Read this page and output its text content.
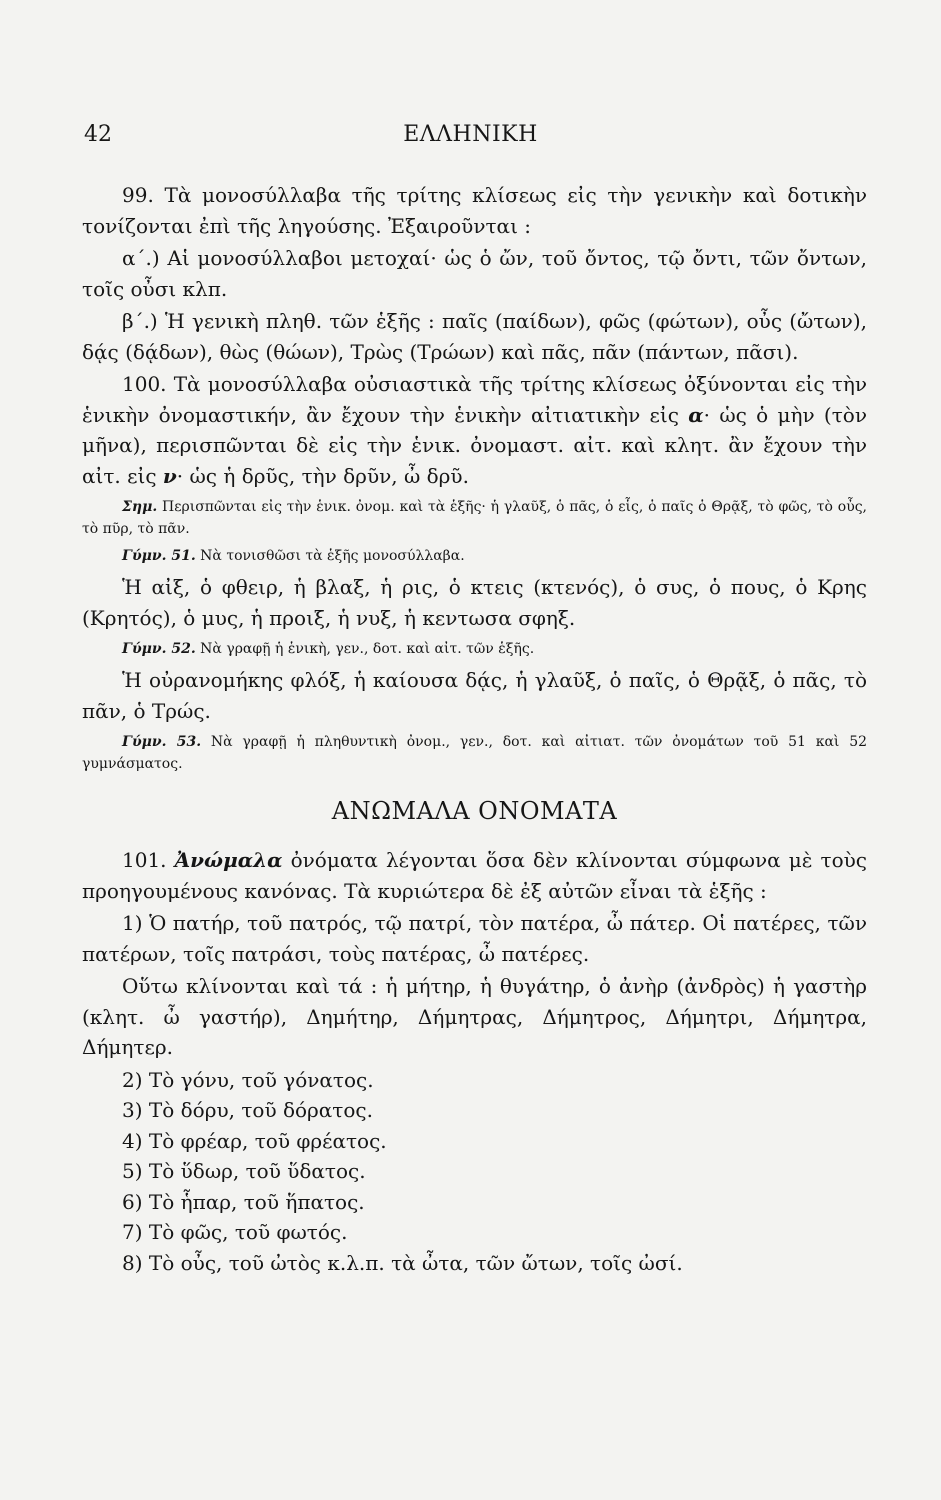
42	ΕΛΛΗΝΙΚΗ

99. Τὰ μονοσύλλαβα τῆς τρίτης κλίσεως εἰς τὴν γενικὴν καὶ δοτικὴν τονίζονται ἐπὶ τῆς ληγούσης. Ἐξαιροῦνται :

α΄.) Αἱ μονοσύλλαβοι μετοχαί· ὡς ὁ ὤν, τοῦ ὄντος, τῷ ὄντι, τῶν ὄντων, τοῖς οὖσι κλπ.

β΄.) Ἡ γενικὴ πληθ. τῶν ἑξῆς : παῖς (παίδων), φῶς (φώτων), οὖς (ὤτων), δᾴς (δᾴδων), θὼς (θώων), Τρὼς (Τρώων) καὶ πᾶς, πᾶν (πάντων, πᾶσι).

100. Τὰ μονοσύλλαβα οὐσιαστικὰ τῆς τρίτης κλίσεως ὀξύνονται εἰς τὴν ἑνικὴν ὀνομαστικήν, ἂν ἔχουν τὴν ἑνικὴν αἰτιατικὴν εἰς α· ὡς ὁ μὴν (τὸν μῆνα), περισπῶνται δὲ εἰς τὴν ἑνικ. ὀνομαστ. αἰτ. καὶ κλητ. ἂν ἔχουν τὴν αἰτ. εἰς ν· ὡς ἡ δρῦς, τὴν δρῦν, ὦ δρῦ.

Σημ. Περισπῶνται εἰς τὴν ἑνικ. ὀνομ. καὶ τὰ ἑξῆς· ἡ γλαῦξ, ὁ πᾶς, ὁ εἷς, ὁ παῖς ὁ Θρᾷξ, τὸ φῶς, τὸ οὖς, τὸ πῦρ, τὸ πᾶν.

Γύμν. 51. Νὰ τονισθῶσι τὰ ἑξῆς μονοσύλλαβα.

Ἡ αἰξ, ὁ φθειρ, ἡ βλαξ, ἡ ρις, ὁ κτεις (κτενός), ὁ συς, ὁ πους, ὁ Κρης (Κρητός), ὁ μυς, ἡ προιξ, ἡ νυξ, ἡ κεντωσα σφηξ.

Γύμν. 52. Νὰ γραφῇ ἡ ἑνικὴ, γεν., δοτ. καὶ αἰτ. τῶν ἑξῆς.

Ἡ οὐρανομήκης φλόξ, ἡ καίουσα δᾴς, ἡ γλαῦξ, ὁ παῖς, ὁ Θρᾷξ, ὁ πᾶς, τὸ πᾶν, ὁ Τρώς.

Γύμν. 53. Νὰ γραφῇ ἡ πληθυντικὴ ὀνομ., γεν., δοτ. καὶ αἰτιατ. τῶν ὀνομάτων τοῦ 51 καὶ 52 γυμνάσματος.

ΑΝΩΜΑΛΑ ΟΝΟΜΑΤΑ

101. Ἀνώμαλα ὀνόματα λέγονται ὅσα δὲν κλίνονται σύμφωνα μὲ τοὺς προηγουμένους κανόνας. Τὰ κυριώτερα δὲ ἐξ αὐτῶν εἶναι τὰ ἑξῆς :

1) Ὁ πατήρ, τοῦ πατρός, τῷ πατρί, τὸν πατέρα, ὦ πάτερ. Οἱ πατέρες, τῶν πατέρων, τοῖς πατράσι, τοὺς πατέρας, ὦ πατέρες.

Οὕτω κλίνονται καὶ τά : ἡ μήτηρ, ἡ θυγάτηρ, ὁ ἀνὴρ (ἀνδρὸς) ἡ γαστὴρ (κλητ. ὦ γαστήρ), Δημήτηρ, Δήμητρας, Δήμητρος, Δήμητρι, Δήμητρα, Δήμητερ.

2) Τὸ γόνυ, τοῦ γόνατος.
3) Τὸ δόρυ, τοῦ δόρατος.
4) Τὸ φρέαρ, τοῦ φρέατος.
5) Τὸ ὕδωρ, τοῦ ὕδατος.
6) Τὸ ἧπαρ, τοῦ ἥπατος.
7) Τὸ φῶς, τοῦ φωτός.
8) Τὸ οὖς, τοῦ ὠτὸς κ.λ.π. τὰ ὦτα, τῶν ὤτων, τοῖς ὠσί.
